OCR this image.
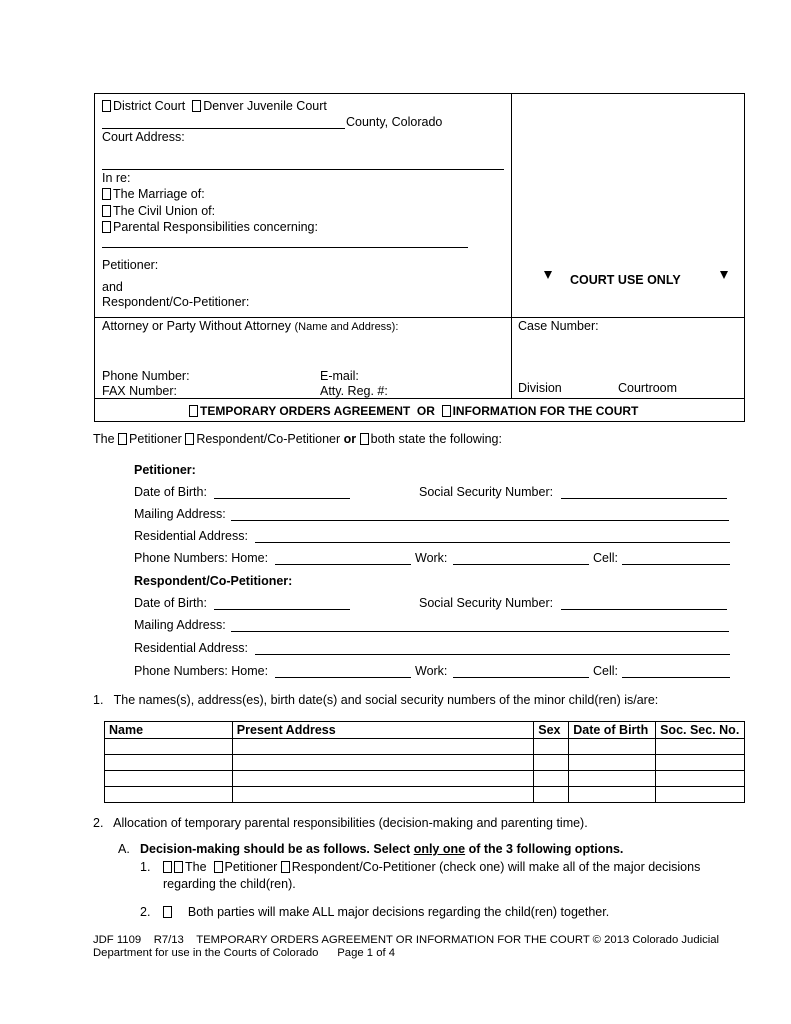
District Court Denver Juvenile Court
County, Colorado
Court Address:
In re:
The Marriage of:
The Civil Union of:
Parental Responsibilities concerning:
Petitioner:
and
Respondent/Co-Petitioner:
COURT USE ONLY
Attorney or Party Without Attorney (Name and Address):
Phone Number:	E-mail:
FAX Number:	Atty. Reg. #:
Case Number:
Division	Courtroom
TEMPORARY ORDERS AGREEMENT OR INFORMATION FOR THE COURT
The Petitioner Respondent/Co-Petitioner or both state the following:
Petitioner:
Date of Birth:	Social Security Number:
Mailing Address:
Residential Address:
Phone Numbers: Home:	Work:	Cell:
Respondent/Co-Petitioner:
Date of Birth:	Social Security Number:
Mailing Address:
Residential Address:
Phone Numbers: Home:	Work:	Cell:
1.   The names(s), address(es), birth date(s) and social security numbers of the minor child(ren) is/are:
Name	Present Address	Sex	Date of Birth	Soc. Sec. No.

2.   Allocation of temporary parental responsibilities (decision-making and parenting time).
A. Decision-making should be as follows. Select only one of the 3 following options.
1.	The Petitioner Respondent/Co-Petitioner (check one) will make all of the major decisions
regarding the child(ren).
2.	Both parties will make ALL major decisions regarding the child(ren) together.
JDF 1109    R7/13    TEMPORARY ORDERS AGREEMENT OR INFORMATION FOR THE COURT © 2013 Colorado Judicial
Department for use in the Courts of Colorado      Page 1 of 4
